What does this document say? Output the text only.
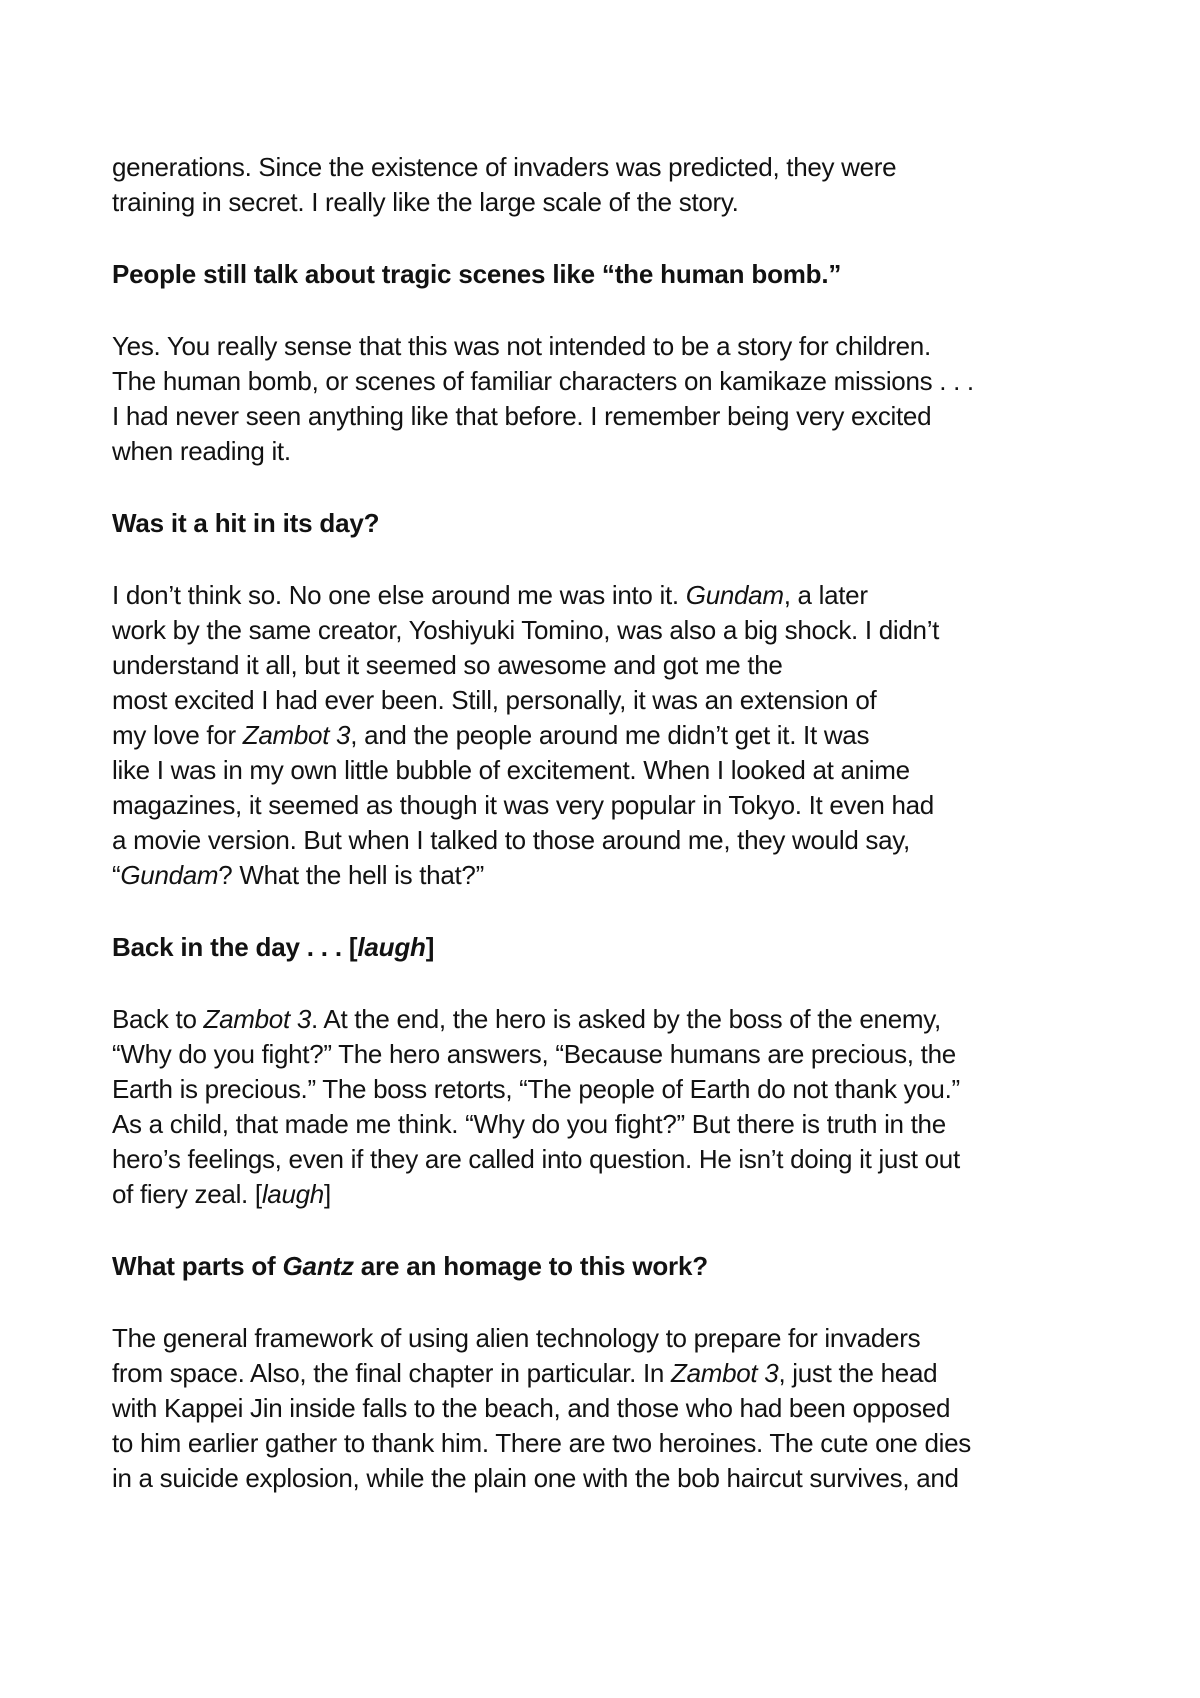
generations. Since the existence of invaders was predicted, they were
training in secret. I really like the large scale of the story.
People still talk about tragic scenes like “the human bomb.”
Yes. You really sense that this was not intended to be a story for children.
The human bomb, or scenes of familiar characters on kamikaze missions . . .
I had never seen anything like that before. I remember being very excited
when reading it.
Was it a hit in its day?
I don’t think so. No one else around me was into it. Gundam, a later
work by the same creator, Yoshiyuki Tomino, was also a big shock. I didn’t
understand it all, but it seemed so awesome and got me the
most excited I had ever been. Still, personally, it was an extension of
my love for Zambot 3, and the people around me didn’t get it. It was
like I was in my own little bubble of excitement. When I looked at anime
magazines, it seemed as though it was very popular in Tokyo. It even had
a movie version. But when I talked to those around me, they would say,
“Gundam? What the hell is that?”
Back in the day . . . [laugh]
Back to Zambot 3. At the end, the hero is asked by the boss of the enemy,
“Why do you fight?” The hero answers, “Because humans are precious, the
Earth is precious.” The boss retorts, “The people of Earth do not thank you.”
As a child, that made me think. “Why do you fight?” But there is truth in the
hero’s feelings, even if they are called into question. He isn’t doing it just out
of fiery zeal. [laugh]
What parts of Gantz are an homage to this work?
The general framework of using alien technology to prepare for invaders
from space. Also, the final chapter in particular. In Zambot 3, just the head
with Kappei Jin inside falls to the beach, and those who had been opposed
to him earlier gather to thank him. There are two heroines. The cute one dies
in a suicide explosion, while the plain one with the bob haircut survives, and
